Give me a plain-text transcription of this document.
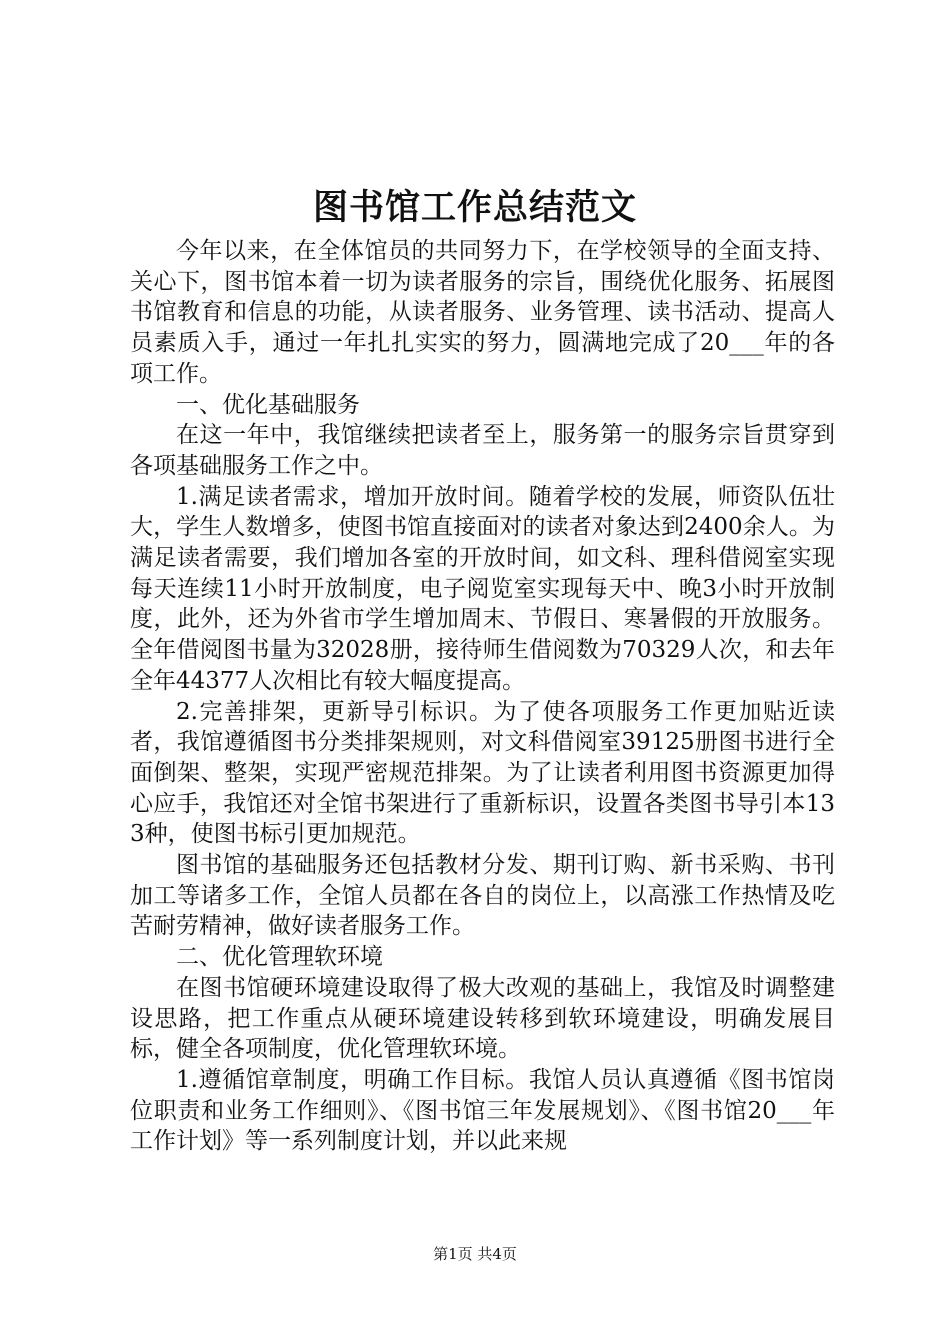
图书馆工作总结范文

今年以来，在全体馆员的共同努力下，在学校领导的全面支持、关心下，图书馆本着一切为读者服务的宗旨，围绕优化服务、拓展图书馆教育和信息的功能，从读者服务、业务管理、读书活动、提高人员素质入手，通过一年扎扎实实的努力，圆满地完成了20___年的各项工作。

一、优化基础服务

在这一年中，我馆继续把读者至上，服务第一的服务宗旨贯穿到各项基础服务工作之中。

1.满足读者需求，增加开放时间。随着学校的发展，师资队伍壮大，学生人数增多，使图书馆直接面对的读者对象达到2400余人。为满足读者需要，我们增加各室的开放时间，如文科、理科借阅室实现每天连续11小时开放制度，电子阅览室实现每天中、晚3小时开放制度，此外，还为外省市学生增加周末、节假日、寒暑假的开放服务。全年借阅图书量为32028册，接待师生借阅数为70329人次，和去年全年44377人次相比有较大幅度提高。

2.完善排架，更新导引标识。为了使各项服务工作更加贴近读者，我馆遵循图书分类排架规则，对文科借阅室39125册图书进行全面倒架、整架，实现严密规范排架。为了让读者利用图书资源更加得心应手，我馆还对全馆书架进行了重新标识，设置各类图书导引本133种，使图书标引更加规范。

图书馆的基础服务还包括教材分发、期刊订购、新书采购、书刊加工等诸多工作，全馆人员都在各自的岗位上，以高涨工作热情及吃苦耐劳精神，做好读者服务工作。

二、优化管理软环境

在图书馆硬环境建设取得了极大改观的基础上，我馆及时调整建设思路，把工作重点从硬环境建设转移到软环境建设，明确发展目标，健全各项制度，优化管理软环境。

1.遵循馆章制度，明确工作目标。我馆人员认真遵循《图书馆岗位职责和业务工作细则》、《图书馆三年发展规划》、《图书馆20___年工作计划》等一系列制度计划，并以此来规

第1页 共4页
